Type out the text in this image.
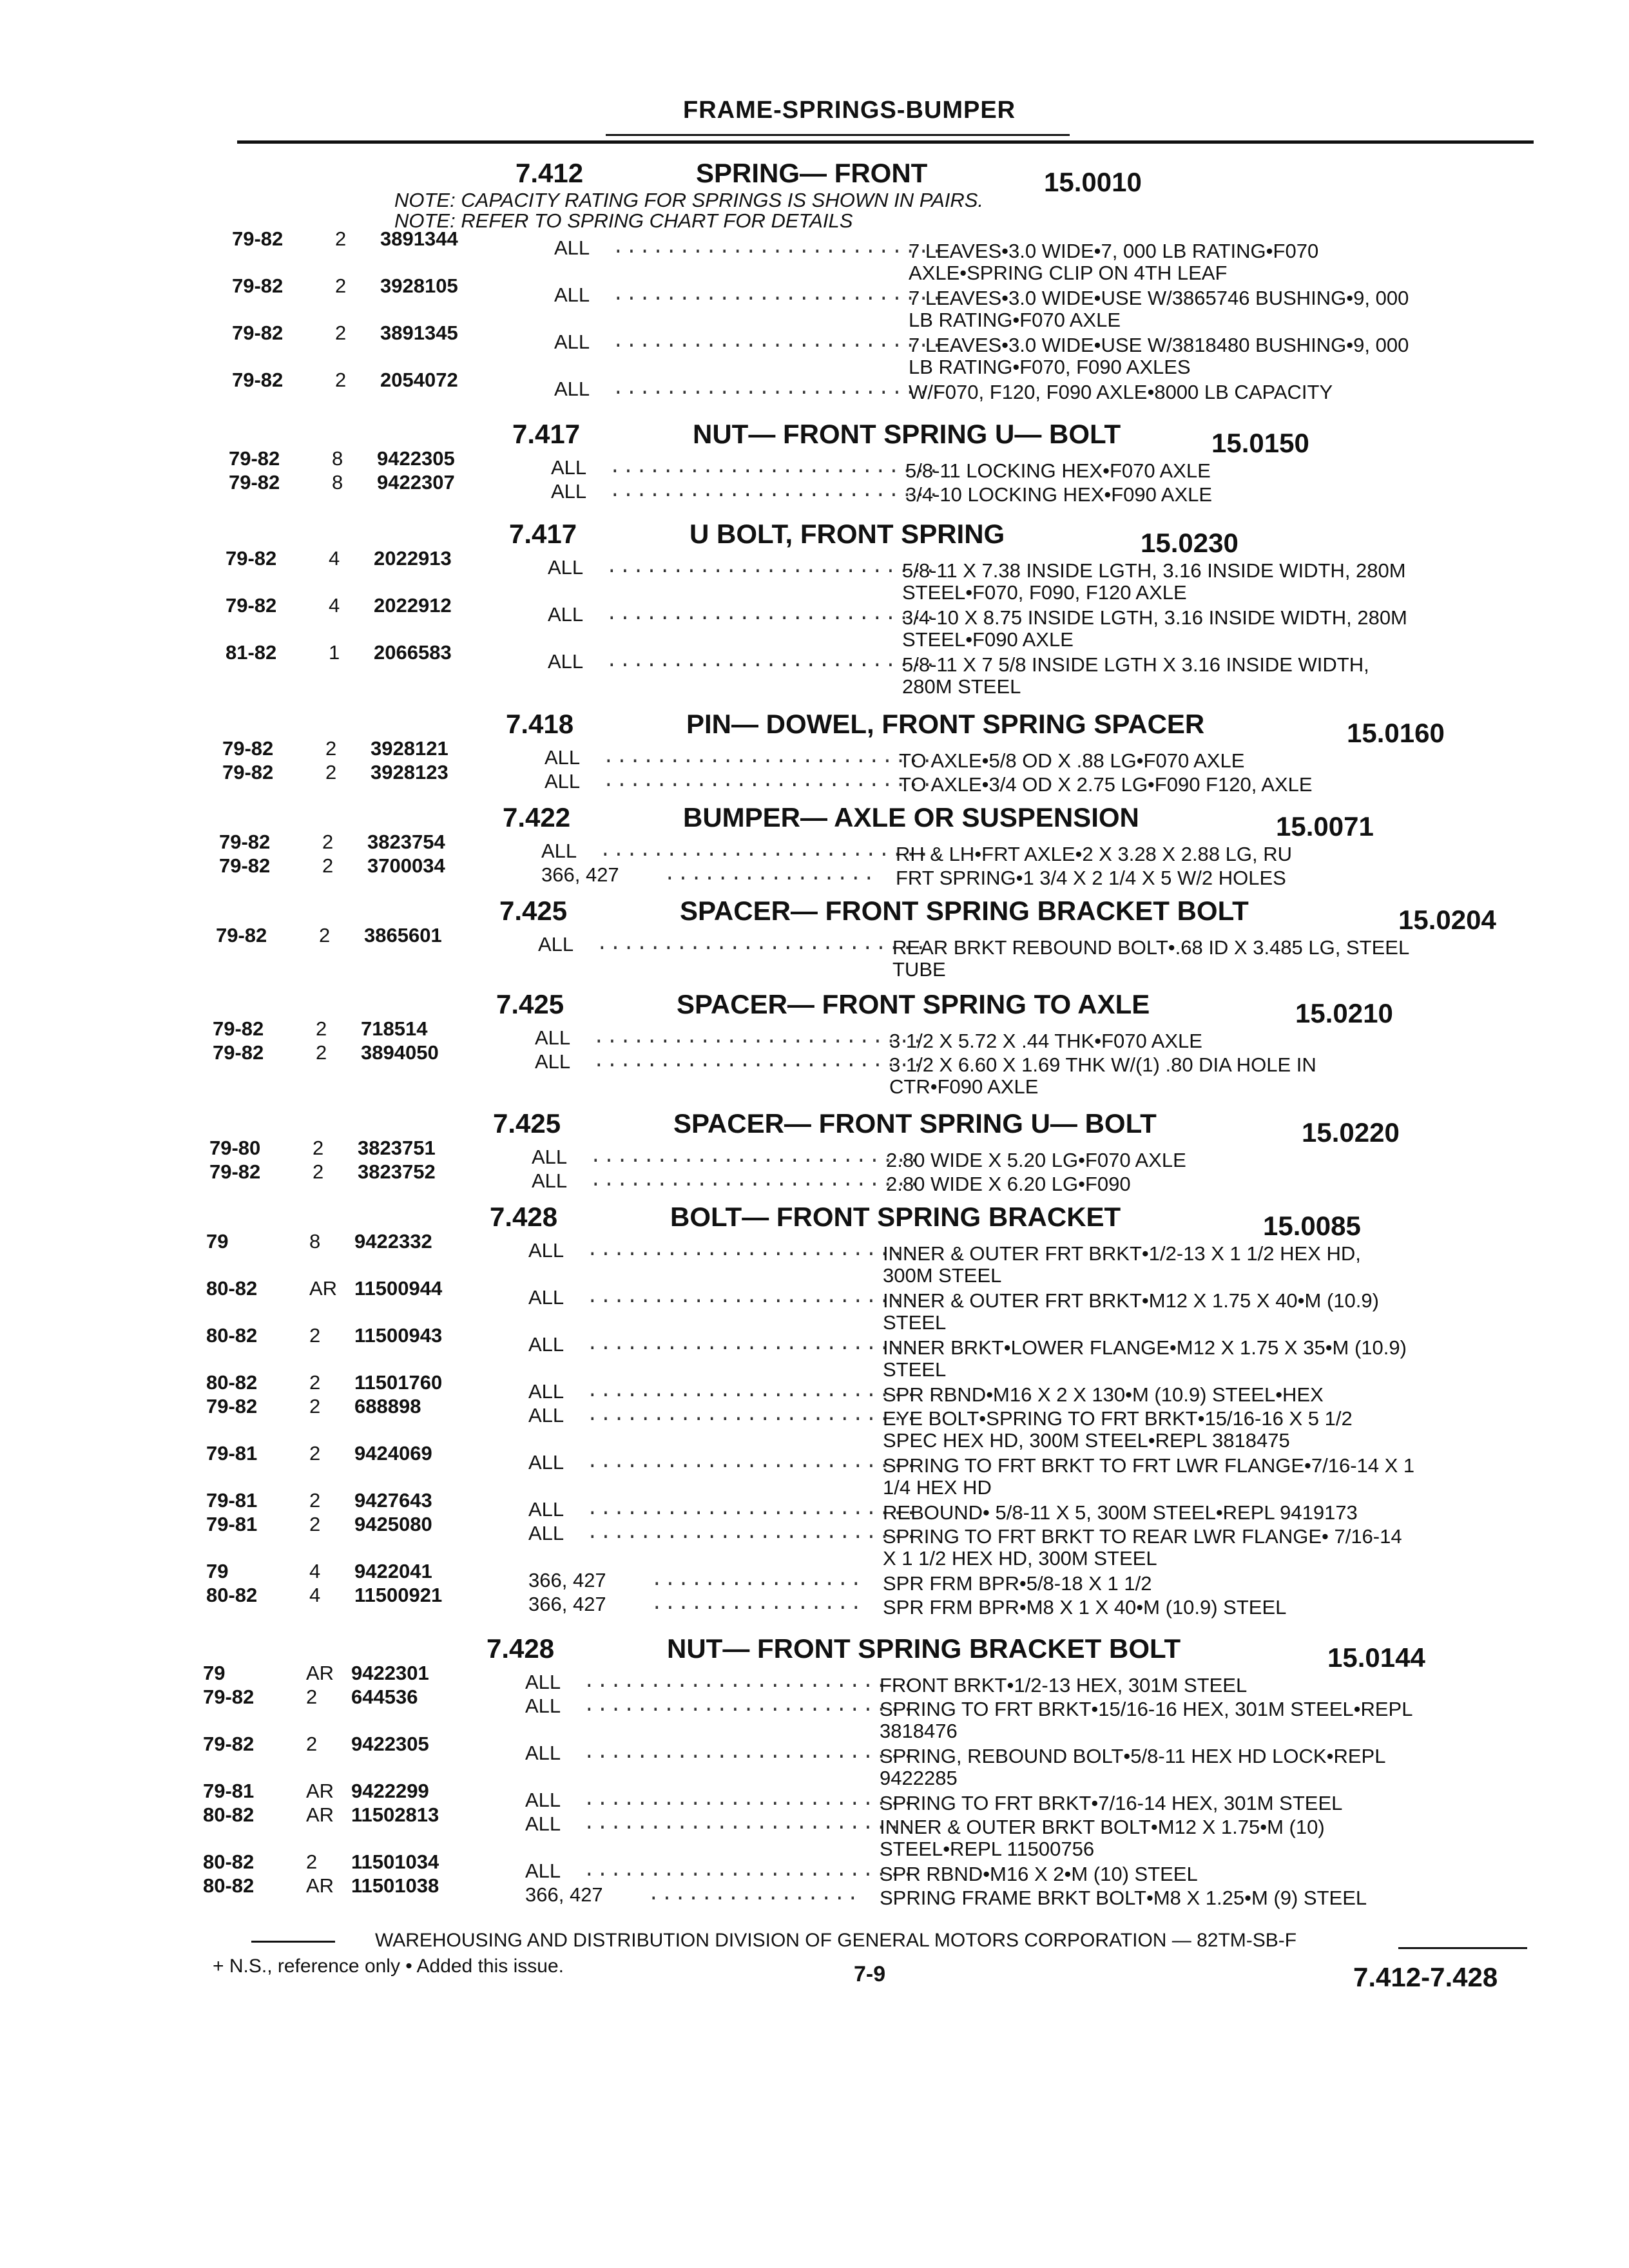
FRAME-SPRINGS-BUMPER
7.412	SPRING— FRONT	15.0010
NOTE: CAPACITY RATING FOR SPRINGS IS SHOWN IN PAIRS.
NOTE: REFER TO SPRING CHART FOR DETAILS
79-82	2 3891344	ALL .........................
7 LEAVES•3.0 WIDE•7, 000 LB RATING•F070
AXLE•SPRING CLIP ON 4TH LEAF
79-82	2 3928105	ALL .........................
7 LEAVES•3.0 WIDE•USE W/3865746 BUSHING•9, 000
LB RATING•F070 AXLE
79-82	2 3891345	ALL .........................
7 LEAVES•3.0 WIDE•USE W/3818480 BUSHING•9, 000
LB RATING•F070, F090 AXLES
79-82	2 2054072	ALL .........................
W/F070, F120, F090 AXLE•8000 LB CAPACITY
7.417	NUT— FRONT SPRING U— BOLT	15.0150
79-82	8 9422305	ALL .........................
5/8-11 LOCKING HEX•F070 AXLE
79-82	8 9422307	ALL .........................
3/4-10 LOCKING HEX•F090 AXLE
7.417	U BOLT, FRONT SPRING	15.0230
79-82	4 2022913	ALL .........................
5/8-11 X 7.38 INSIDE LGTH, 3.16 INSIDE WIDTH, 280M
STEEL•F070, F090, F120 AXLE
79-82	4 2022912	ALL .........................
3/4-10 X 8.75 INSIDE LGTH, 3.16 INSIDE WIDTH, 280M
STEEL•F090 AXLE
81-82	1 2066583	ALL .........................
5/8-11 X 7 5/8 INSIDE LGTH X 3.16 INSIDE WIDTH,
280M STEEL
7.418	PIN— DOWEL, FRONT SPRING SPACER	15.0160
79-82	2 3928121	ALL .........................
TO AXLE•5/8 OD X .88 LG•F070 AXLE
79-82	2 3928123	ALL .........................
TO AXLE•3/4 OD X 2.75 LG•F090 F120, AXLE
7.422	BUMPER— AXLE OR SUSPENSION	15.0071
79-82	2 3823754	ALL .........................
RH & LH•FRT AXLE•2 X 3.28 X 2.88 LG, RU
79-82	2 3700034	366, 427 ................ FRT SPRING•1 3/4 X 2 1/4 X 5 W/2 HOLES
7.425	SPACER— FRONT SPRING BRACKET BOLT	15.0204
79-82	2 3865601	ALL .........................
REAR BRKT REBOUND BOLT•.68 ID X 3.485 LG, STEEL
TUBE
7.425	SPACER— FRONT SPRING TO AXLE	15.0210
79-82	2 718514	ALL .........................
3 1/2 X 5.72 X .44 THK•F070 AXLE
79-82	2 3894050	ALL .........................
3 1/2 X 6.60 X 1.69 THK W/(1) .80 DIA HOLE IN
CTR•F090 AXLE
7.425	SPACER— FRONT SPRING U— BOLT	15.0220
79-80	2 3823751	ALL .........................
2.80 WIDE X 5.20 LG•F070 AXLE
79-82	2 3823752	ALL .........................
2.80 WIDE X 6.20 LG•F090
7.428	BOLT— FRONT SPRING BRACKET	15.0085
79	8 9422332	ALL .........................
INNER & OUTER FRT BRKT•1/2-13 X 1 1/2 HEX HD,
300M STEEL
80-82	AR 11500944	ALL .........................
INNER & OUTER FRT BRKT•M12 X 1.75 X 40•M (10.9)
STEEL
80-82	2 11500943	ALL .........................
INNER BRKT•LOWER FLANGE•M12 X 1.75 X 35•M (10.9)
STEEL
80-82	2 11501760	ALL .........................
SPR RBND•M16 X 2 X 130•M (10.9) STEEL•HEX
79-82	2 688898	ALL .........................
EYE BOLT•SPRING TO FRT BRKT•15/16-16 X 5 1/2
SPEC HEX HD, 300M STEEL•REPL 3818475
79-81	2 9424069	ALL .........................
SPRING TO FRT BRKT TO FRT LWR FLANGE•7/16-14 X 1
1/4 HEX HD
79-81	2 9427643	ALL .........................
REBOUND• 5/8-11 X 5, 300M STEEL•REPL 9419173
79-81	2 9425080	ALL .........................
SPRING TO FRT BRKT TO REAR LWR FLANGE• 7/16-14
X 1 1/2 HEX HD, 300M STEEL
79	4 9422041	366, 427 ................ SPR FRM BPR•5/8-18 X 1 1/2
80-82	4 11500921	366, 427 ................ SPR FRM BPR•M8 X 1 X 40•M (10.9) STEEL
7.428	NUT— FRONT SPRING BRACKET BOLT	15.0144
79	AR 9422301	ALL .........................
FRONT BRKT•1/2-13 HEX, 301M STEEL
79-82	2 644536	ALL .........................
SPRING TO FRT BRKT•15/16-16 HEX, 301M STEEL•REPL
3818476
79-82	2 9422305	ALL .........................
SPRING, REBOUND BOLT•5/8-11 HEX HD LOCK•REPL
9422285
79-81	AR 9422299	ALL .........................
SPRING TO FRT BRKT•7/16-14 HEX, 301M STEEL
80-82	AR 11502813	ALL .........................
INNER & OUTER BRKT BOLT•M12 X 1.75•M (10)
STEEL•REPL 11500756
80-82	2 11501034	ALL .........................
SPR RBND•M16 X 2•M (10) STEEL
80-82	AR 11501038	366, 427 ................ SPRING FRAME BRKT BOLT•M8 X 1.25•M (9) STEEL
WAREHOUSING AND DISTRIBUTION DIVISION OF GENERAL MOTORS CORPORATION — 82TM-SB-F
+ N.S., reference only • Added this issue.	7-9	7.412-7.428
